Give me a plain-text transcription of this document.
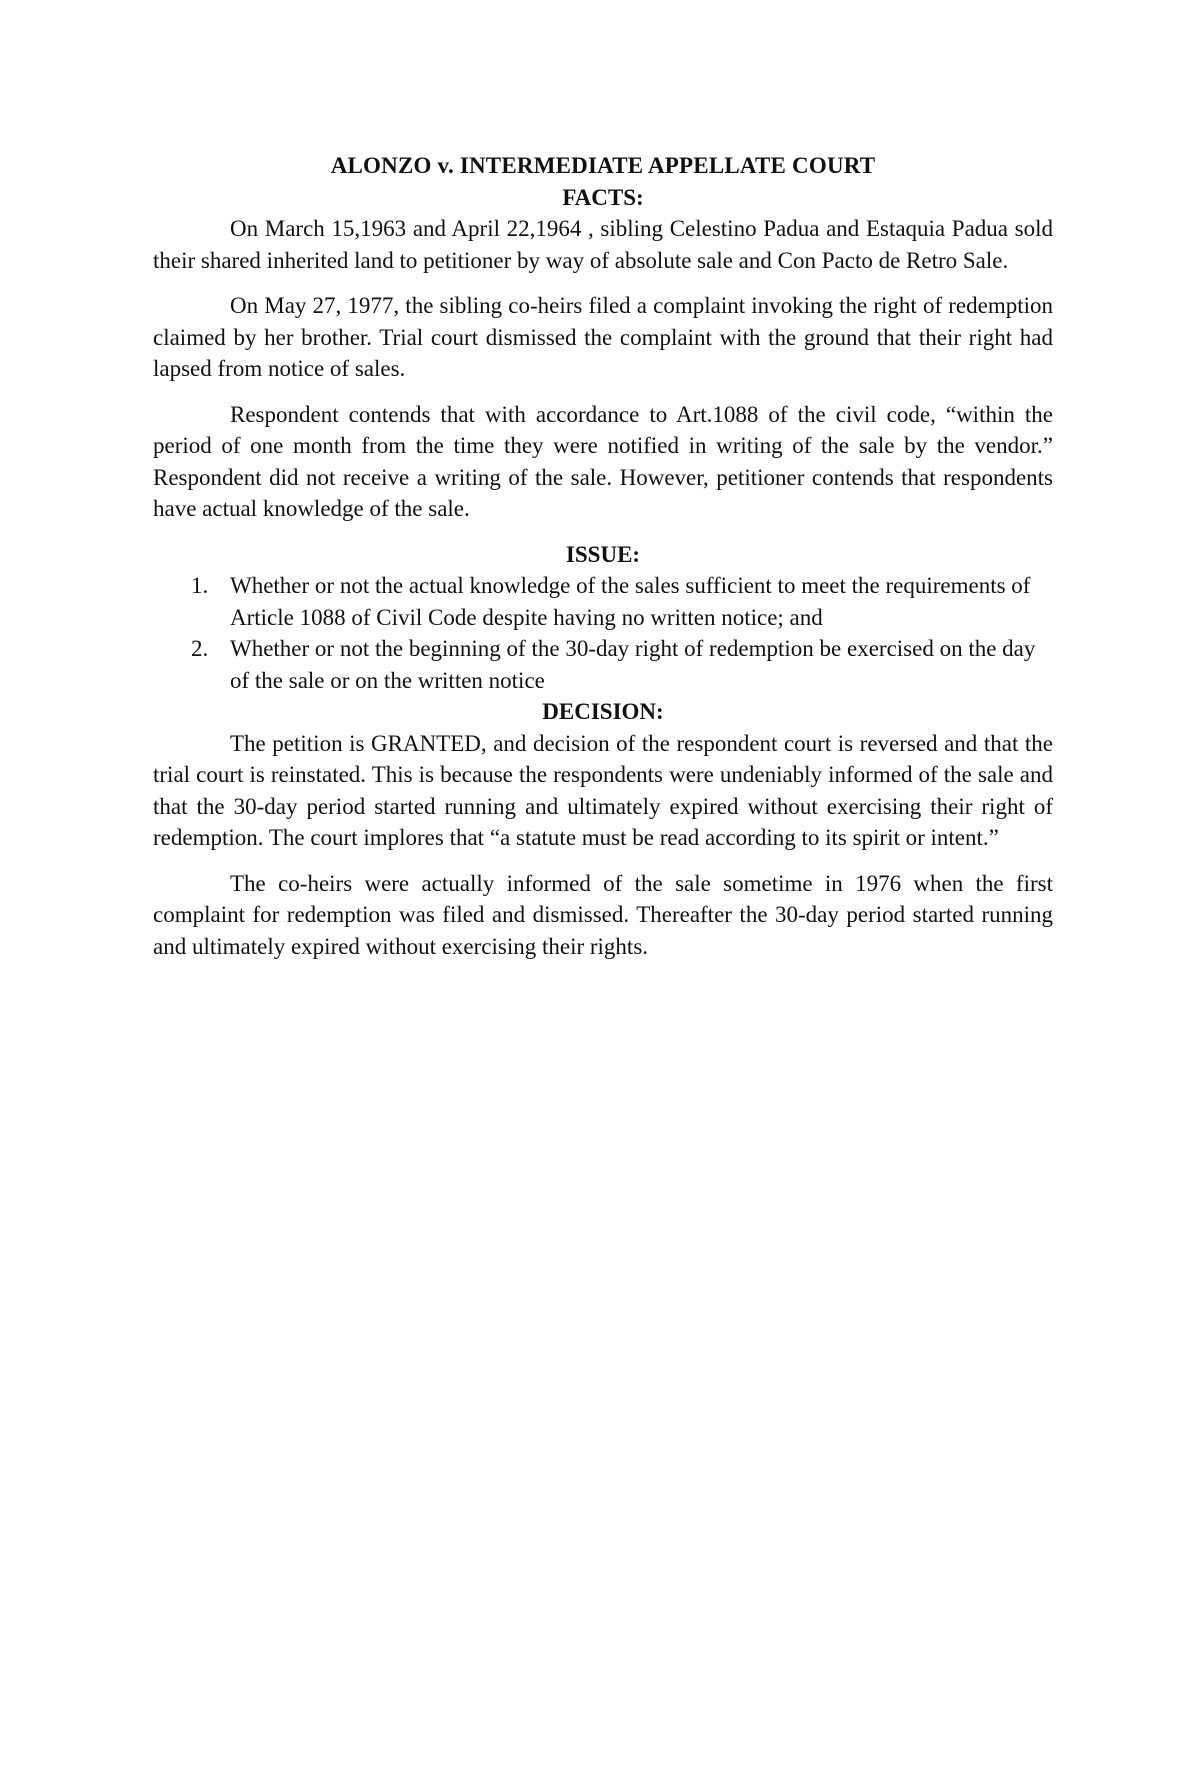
ALONZO v. INTERMEDIATE APPELLATE COURT
FACTS:

On March 15,1963 and April 22,1964 , sibling Celestino Padua and Estaquia Padua sold their shared inherited land to petitioner by way of absolute sale and Con Pacto de Retro Sale.

On May 27, 1977, the sibling co-heirs filed a complaint invoking the right of redemption claimed by her brother. Trial court dismissed the complaint with the ground that their right had lapsed from notice of sales.

Respondent contends that with accordance to Art.1088 of the civil code, “within the period of one month from the time they were notified in writing of the sale by the vendor.” Respondent did not receive a writing of the sale. However, petitioner contends that respondents have actual knowledge of the sale.

ISSUE:
1. Whether or not the actual knowledge of the sales sufficient to meet the requirements of Article 1088 of Civil Code despite having no written notice; and
2. Whether or not the beginning of the 30-day right of redemption be exercised on the day of the sale or on the written notice
DECISION:

The petition is GRANTED, and decision of the respondent court is reversed and that the trial court is reinstated. This is because the respondents were undeniably informed of the sale and that the 30-day period started running and ultimately expired without exercising their right of redemption. The court implores that “a statute must be read according to its spirit or intent.”

The co-heirs were actually informed of the sale sometime in 1976 when the first complaint for redemption was filed and dismissed. Thereafter the 30-day period started running and ultimately expired without exercising their rights.
